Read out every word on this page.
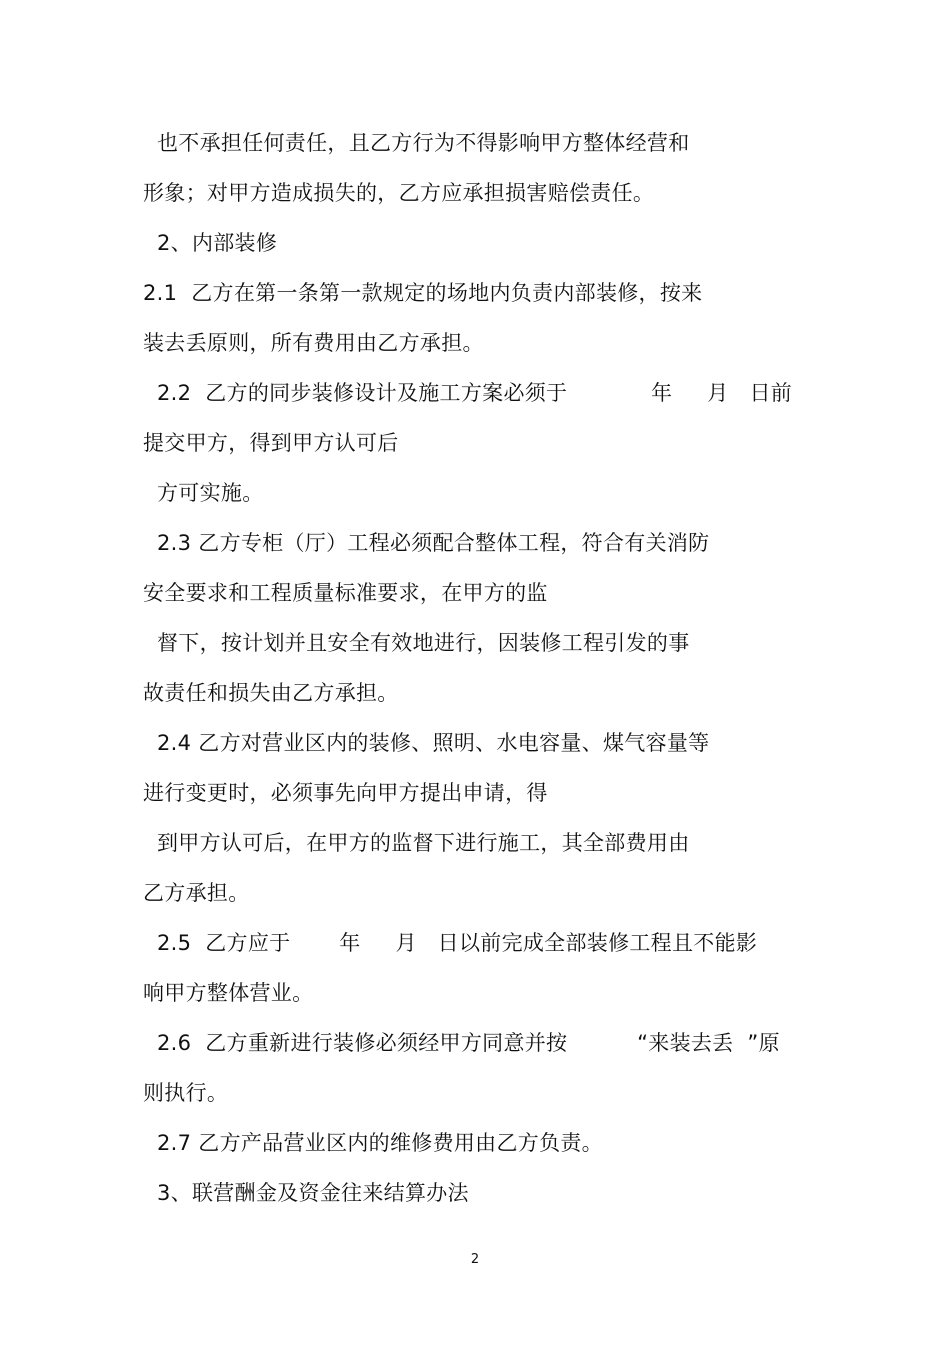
也不承担任何责任，且乙方行为不得影响甲方整体经营和
形象；对甲方造成损失的，乙方应承担损害赔偿责任。
2、内部装修
2.1  乙方在第一条第一款规定的场地内负责内部装修，按来
装去丢原则，所有费用由乙方承担。
2.2  乙方的同步装修设计及施工方案必须于            年     月   日前
提交甲方，得到甲方认可后
方可实施。
2.3 乙方专柜（厅）工程必须配合整体工程，符合有关消防
安全要求和工程质量标准要求，在甲方的监
督下，按计划并且安全有效地进行，因装修工程引发的事
故责任和损失由乙方承担。
2.4 乙方对营业区内的装修、照明、水电容量、煤气容量等
进行变更时，必须事先向甲方提出申请，得
到甲方认可后，在甲方的监督下进行施工，其全部费用由
乙方承担。
2.5  乙方应于       年     月   日以前完成全部装修工程且不能影
响甲方整体营业。
2.6  乙方重新进行装修必须经甲方同意并按          “来装去丢  ”原
则执行。
2.7 乙方产品营业区内的维修费用由乙方负责。
3、联营酬金及资金往来结算办法
2
